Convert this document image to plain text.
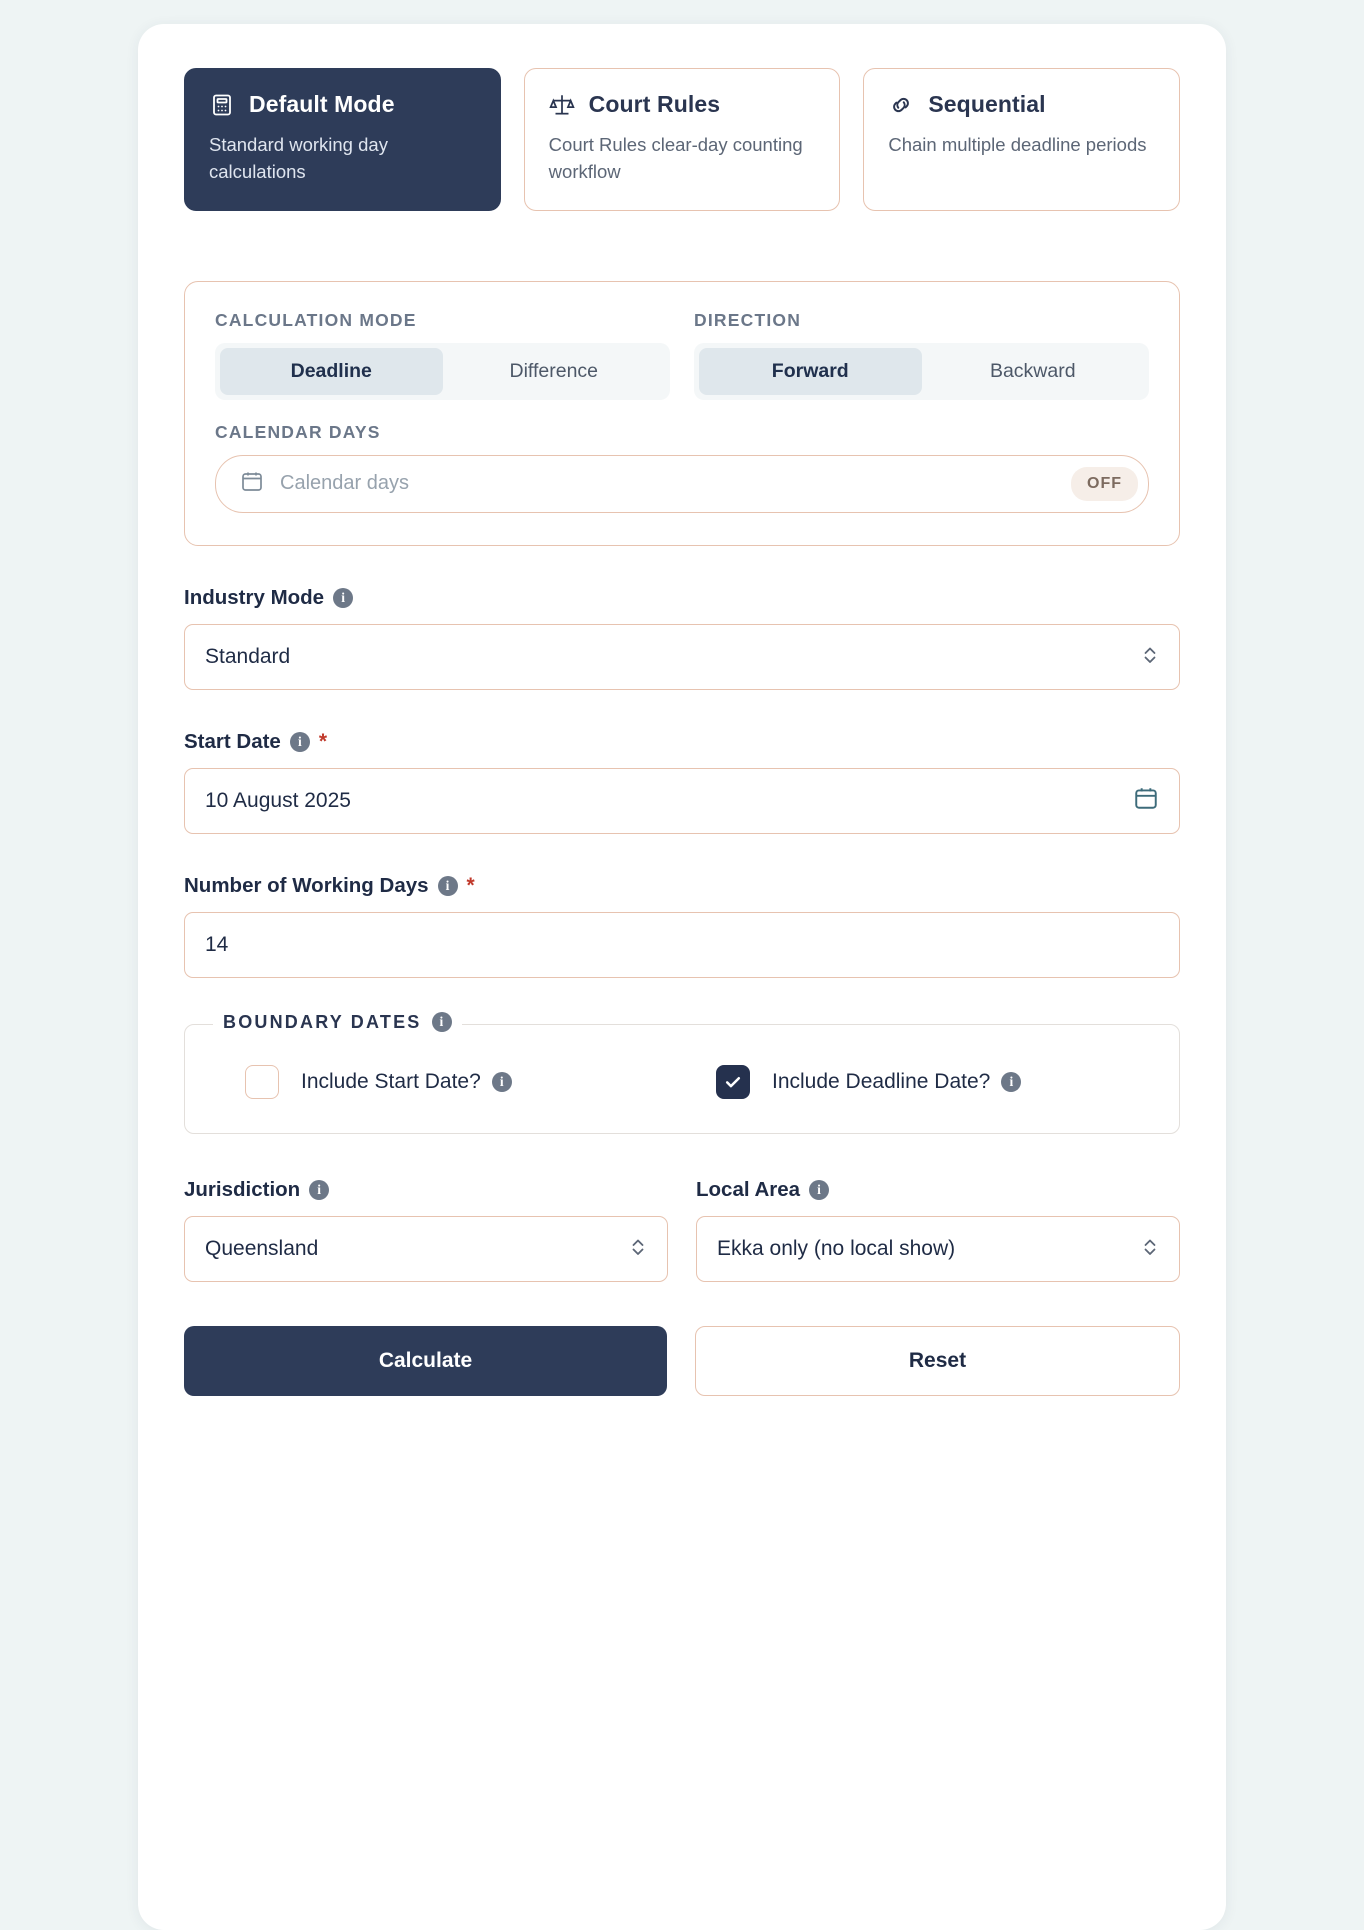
Default Mode
Standard working day calculations
Court Rules
Court Rules clear-day counting workflow
Sequential
Chain multiple deadline periods
CALCULATION MODE
Deadline	Difference
DIRECTION
Forward	Backward
CALENDAR DAYS
Calendar days	OFF
Industry Mode	i
Standard
Start Date	i *
10 August 2025
Number of Working Days	i *
14
BOUNDARY DATES	i
Include Start Date?	i	Include Deadline Date?	i
Jurisdiction	i
Queensland
Local Area	i
Ekka only (no local show)
Calculate	Reset
